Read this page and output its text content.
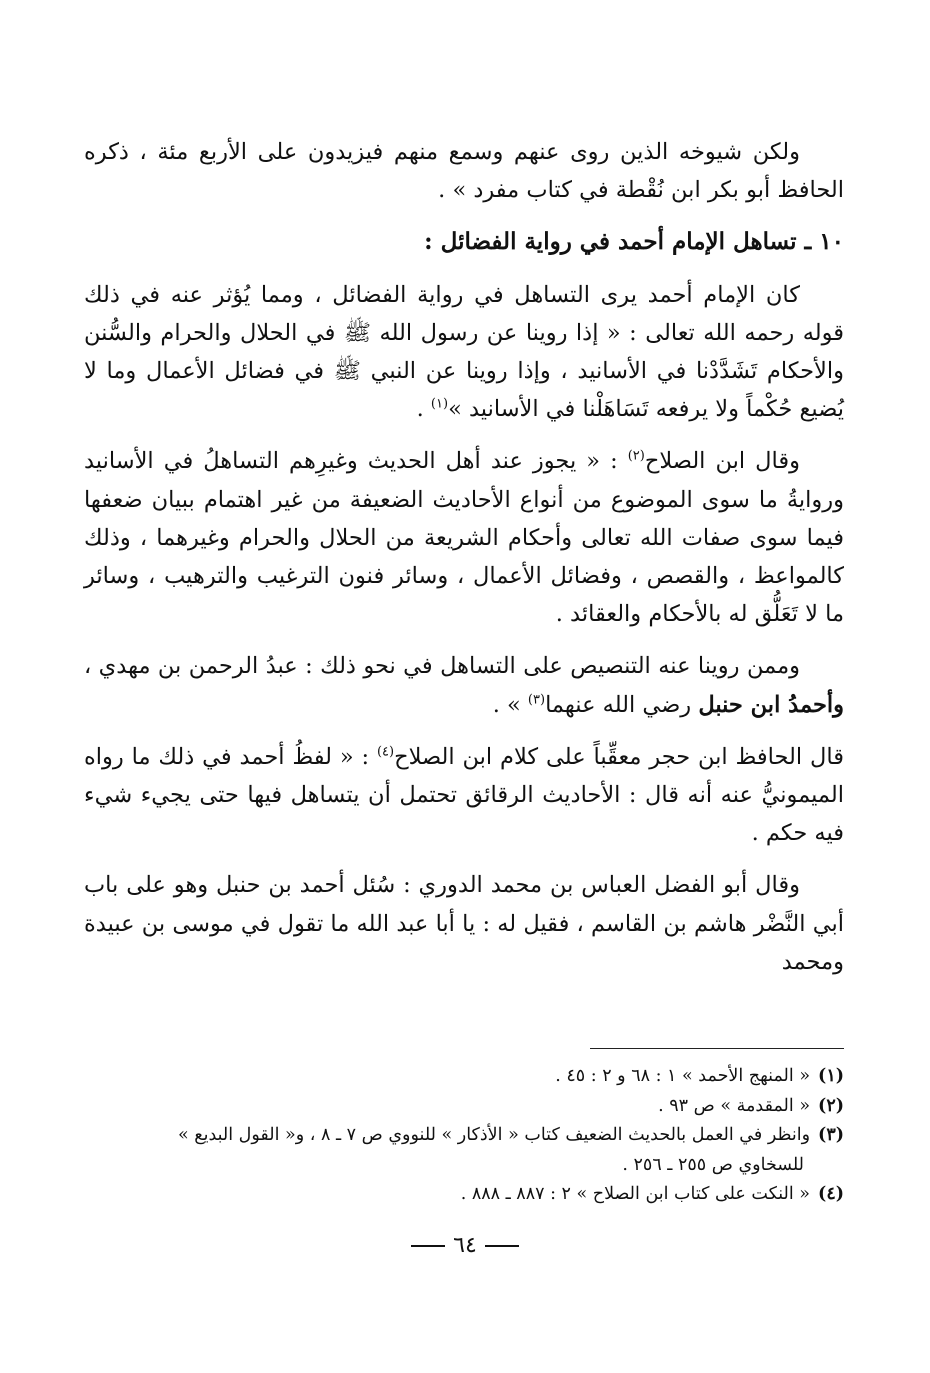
ولكن شيوخه الذين روى عنهم وسمع منهم فيزيدون على الأربع مئة ، ذكره الحافظ أبو بكر ابن نُقْطة في كتاب مفرد » .

١٠ ـ تساهل الإمام أحمد في رواية الفضائل :

كان الإمام أحمد يرى التساهل في رواية الفضائل ، ومما يُؤثر عنه في ذلك قوله رحمه الله تعالى : « إذا روينا عن رسول الله ﷺ في الحلال والحرام والسُّنن والأحكام تَشَدَّدْنا في الأسانيد ، وإذا روينا عن النبي ﷺ في فضائل الأعمال وما لا يُضيع حُكْماً ولا يرفعه تَسَاهَلْنا في الأسانيد »$^{(١)}$ .

وقال ابن الصلاح$^{(٢)}$ : « يجوز عند أهل الحديث وغيرِهم التساهلُ في الأسانيد وروايةُ ما سوى الموضوع من أنواع الأحاديث الضعيفة من غير اهتمام ببيان ضعفها فيما سوى صفات الله تعالى وأحكام الشريعة من الحلال والحرام وغيرهما ، وذلك كالمواعظ ، والقصص ، وفضائل الأعمال ، وسائر فنون الترغيب والترهيب ، وسائر ما لا تَعَلُّق له بالأحكام والعقائد .

وممن روينا عنه التنصيص على التساهل في نحو ذلك : عبدُ الرحمن بن مهدي ، وأحمدُ ابن حنبل رضي الله عنهما$^{(٣)}$ » .

قال الحافظ ابن حجر معقِّباً على كلام ابن الصلاح$^{(٤)}$ : « لفظُ أحمد في ذلك ما رواه الميمونيُّ عنه أنه قال : الأحاديث الرقائق تحتمل أن يتساهل فيها حتى يجيء شيء فيه حكم .

وقال أبو الفضل العباس بن محمد الدوري : سُئل أحمد بن حنبل وهو على باب أبي النَّضْر هاشم بن القاسم ، فقيل له : يا أبا عبد الله ما تقول في موسى بن عبيدة ومحمد

(١)« المنهج الأحمد » ١ : ٦٨ و ٢ : ٤٥ .

(٢)« المقدمة » ص ٩٣ .

(٣)وانظر في العمل بالحديث الضعيف كتاب « الأذكار » للنووي ص ٧ ـ ٨ ، و« القول البديع »

للسخاوي ص ٢٥٥ ـ ٢٥٦ .

(٤)« النكت على كتاب ابن الصلاح » ٢ : ٨٨٧ ـ ٨٨٨ .

٦٤
